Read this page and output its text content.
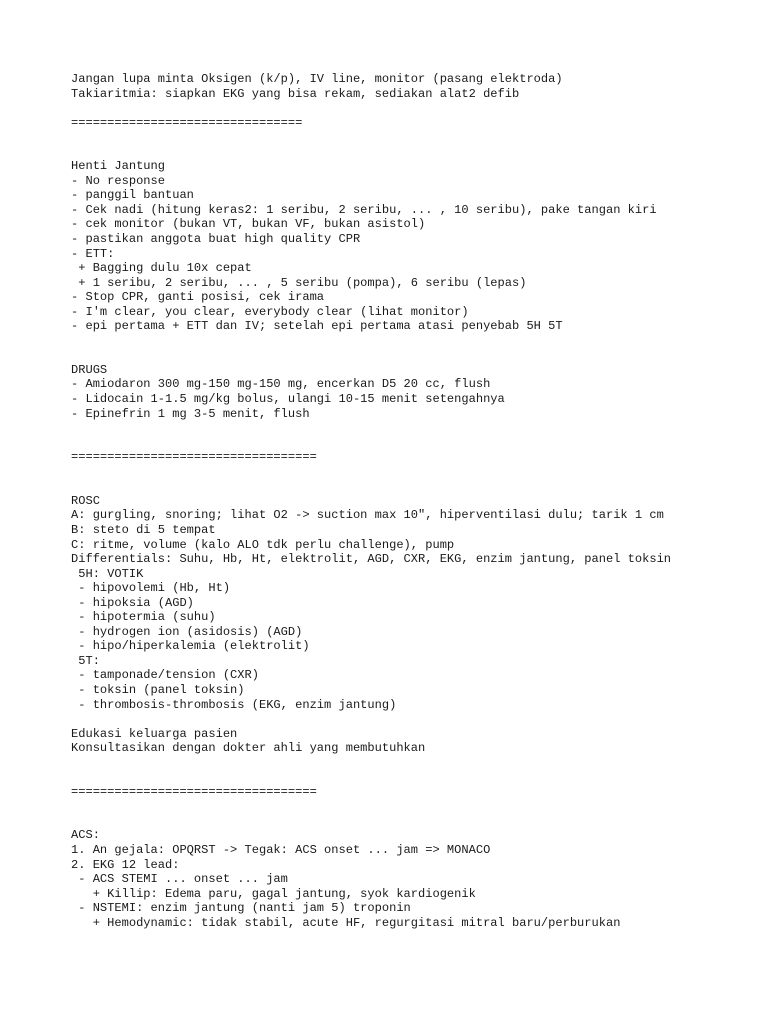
Jangan lupa minta Oksigen (k/p), IV line, monitor (pasang elektroda)
Takiaritmia: siapkan EKG yang bisa rekam, sediakan alat2 defib
================================
Henti Jantung
- No response
- panggil bantuan
- Cek nadi (hitung keras2: 1 seribu, 2 seribu, ... , 10 seribu), pake tangan kiri
- cek monitor (bukan VT, bukan VF, bukan asistol)
- pastikan anggota buat high quality CPR
- ETT:
+ Bagging dulu 10x cepat
+ 1 seribu, 2 seribu, ... , 5 seribu (pompa), 6 seribu (lepas)
- Stop CPR, ganti posisi, cek irama
- I'm clear, you clear, everybody clear (lihat monitor)
- epi pertama + ETT dan IV; setelah epi pertama atasi penyebab 5H 5T
DRUGS
- Amiodaron 300 mg-150 mg-150 mg, encerkan D5 20 cc, flush
- Lidocain 1-1.5 mg/kg bolus, ulangi 10-15 menit setengahnya
- Epinefrin 1 mg 3-5 menit, flush
==================================
ROSC
A: gurgling, snoring; lihat O2 -> suction max 10", hiperventilasi dulu; tarik 1 cm
B: steto di 5 tempat
C: ritme, volume (kalo ALO tdk perlu challenge), pump
Differentials: Suhu, Hb, Ht, elektrolit, AGD, CXR, EKG, enzim jantung, panel toksin
5H: VOTIK
- hipovolemi (Hb, Ht)
- hipoksia (AGD)
- hipotermia (suhu)
- hydrogen ion (asidosis) (AGD)
- hipo/hiperkalemia (elektrolit)
5T:
- tamponade/tension (CXR)
- toksin (panel toksin)
- thrombosis-thrombosis (EKG, enzim jantung)
Edukasi keluarga pasien
Konsultasikan dengan dokter ahli yang membutuhkan
==================================
ACS:
1. An gejala: OPQRST -> Tegak: ACS onset ... jam => MONACO
2. EKG 12 lead:
- ACS STEMI ... onset ... jam
+ Killip: Edema paru, gagal jantung, syok kardiogenik
- NSTEMI: enzim jantung (nanti jam 5) troponin
+ Hemodynamic: tidak stabil, acute HF, regurgitasi mitral baru/perburukan
